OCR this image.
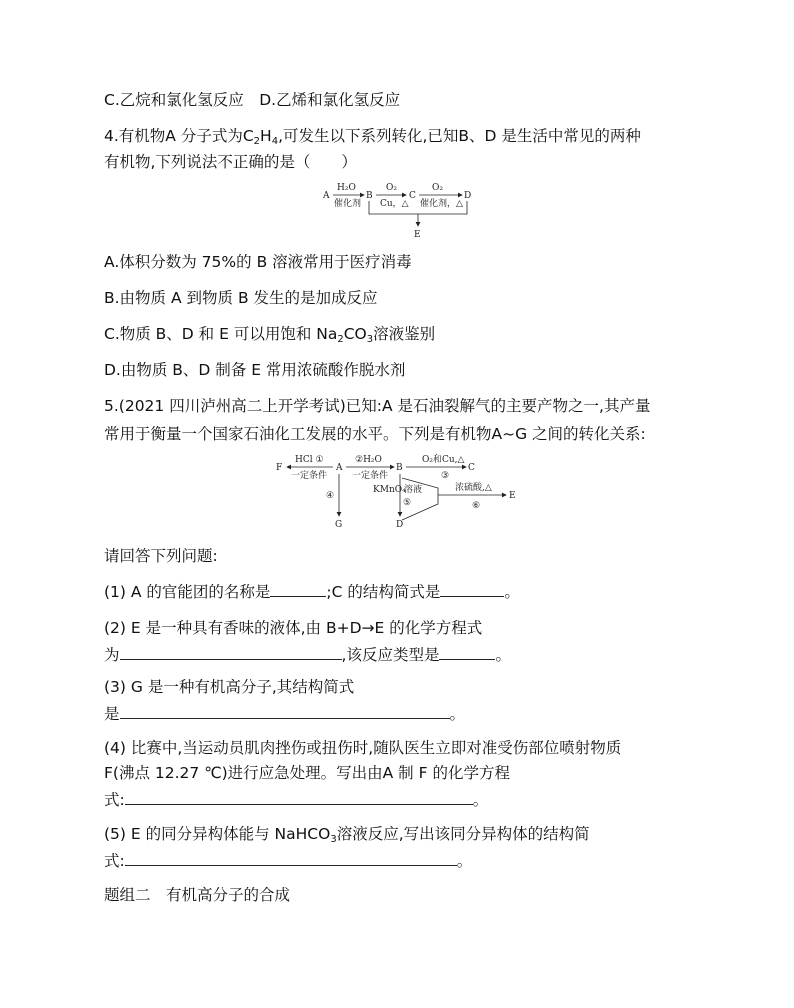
C.乙烷和氯化氢反应　D.乙烯和氯化氢反应
4.有机物A 分子式为$C_2H_4$,可发生以下系列转化,已知B、D 是生活中常见的两种
有机物,下列说法不正确的是（　　）
A
H₂O
催化剂
B
O₂
Cu，△
C
O₂
催化剂，△
D
E
A.体积分数为 75%的 B 溶液常用于医疗消毒
B.由物质 A 到物质 B 发生的是加成反应
C.物质 B、D 和 E 可以用饱和 $Na_2CO_3$溶液鉴别
D.由物质 B、D 制备 E 常用浓硫酸作脱水剂
5.(2021 四川泸州高二上开学考试)已知:A 是石油裂解气的主要产物之一,其产量
常用于衡量一个国家石油化工发展的水平。下列是有机物A~G 之间的转化关系:
F
HCl ①
一定条件
A
②H₂O
一定条件
B
O₂和Cu,△
③
C
④
G
KMnO₄
溶液
⑤
D
浓硫酸,△
⑥
E
请回答下列问题:
(1) A 的官能团的名称是	;C 的结构简式是	。
(2) E 是一种具有香味的液体,由 B+D→E 的化学方程式
为	,该反应类型是	。
(3) G 是一种有机高分子,其结构简式
是	。
(4) 比赛中,当运动员肌肉挫伤或扭伤时,随队医生立即对准受伤部位喷射物质
F(沸点 12.27 ℃)进行应急处理。写出由A 制 F 的化学方程
式:	。
(5) E 的同分异构体能与 NaHCO$_3$溶液反应,写出该同分异构体的结构简
式:	。
题组二　有机高分子的合成
